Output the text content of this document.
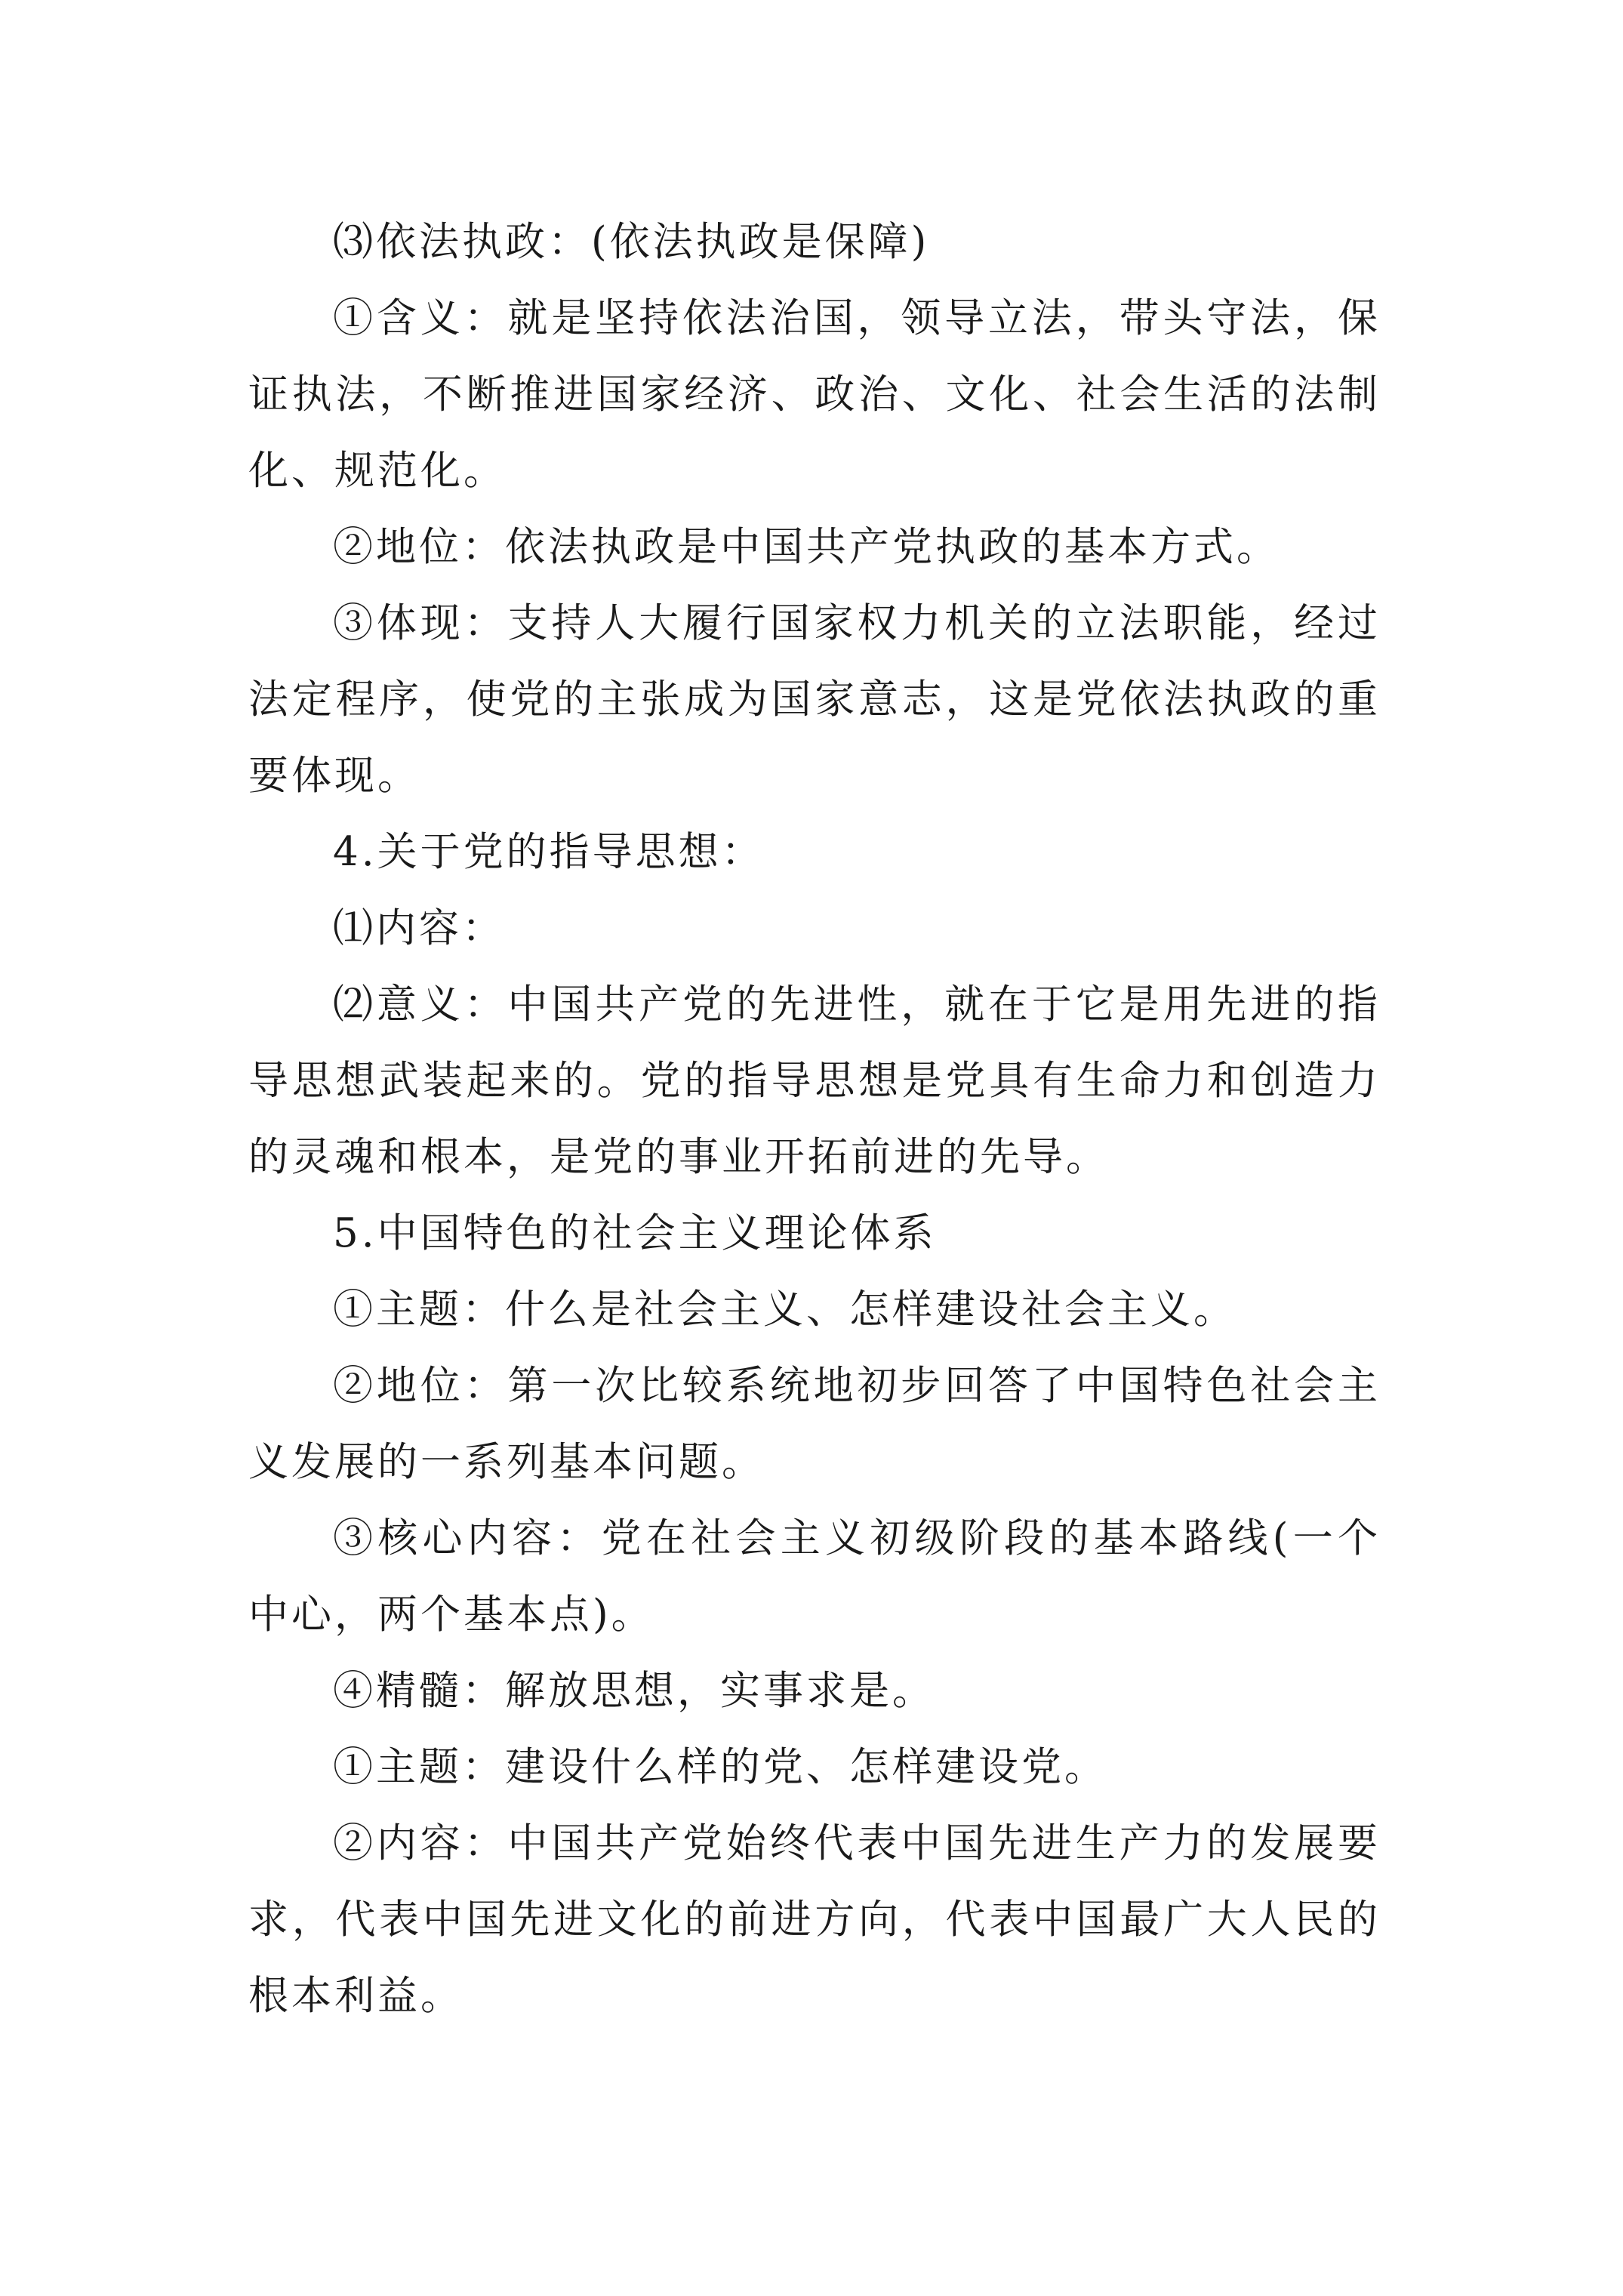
⑶依法执政：(依法执政是保障)

①含义：就是坚持依法治国，领导立法，带头守法，保证执法，不断推进国家经济、政治、文化、社会生活的法制化、规范化。

②地位：依法执政是中国共产党执政的基本方式。

③体现：支持人大履行国家权力机关的立法职能，经过法定程序，使党的主张成为国家意志，这是党依法执政的重要体现。

4.关于党的指导思想：

⑴内容：

⑵意义：中国共产党的先进性，就在于它是用先进的指导思想武装起来的。党的指导思想是党具有生命力和创造力的灵魂和根本，是党的事业开拓前进的先导。

5.中国特色的社会主义理论体系

①主题：什么是社会主义、怎样建设社会主义。

②地位：第一次比较系统地初步回答了中国特色社会主义发展的一系列基本问题。

③核心内容：党在社会主义初级阶段的基本路线(一个中心，两个基本点)。

④精髓：解放思想，实事求是。

①主题：建设什么样的党、怎样建设党。

②内容：中国共产党始终代表中国先进生产力的发展要求，代表中国先进文化的前进方向，代表中国最广大人民的根本利益。
